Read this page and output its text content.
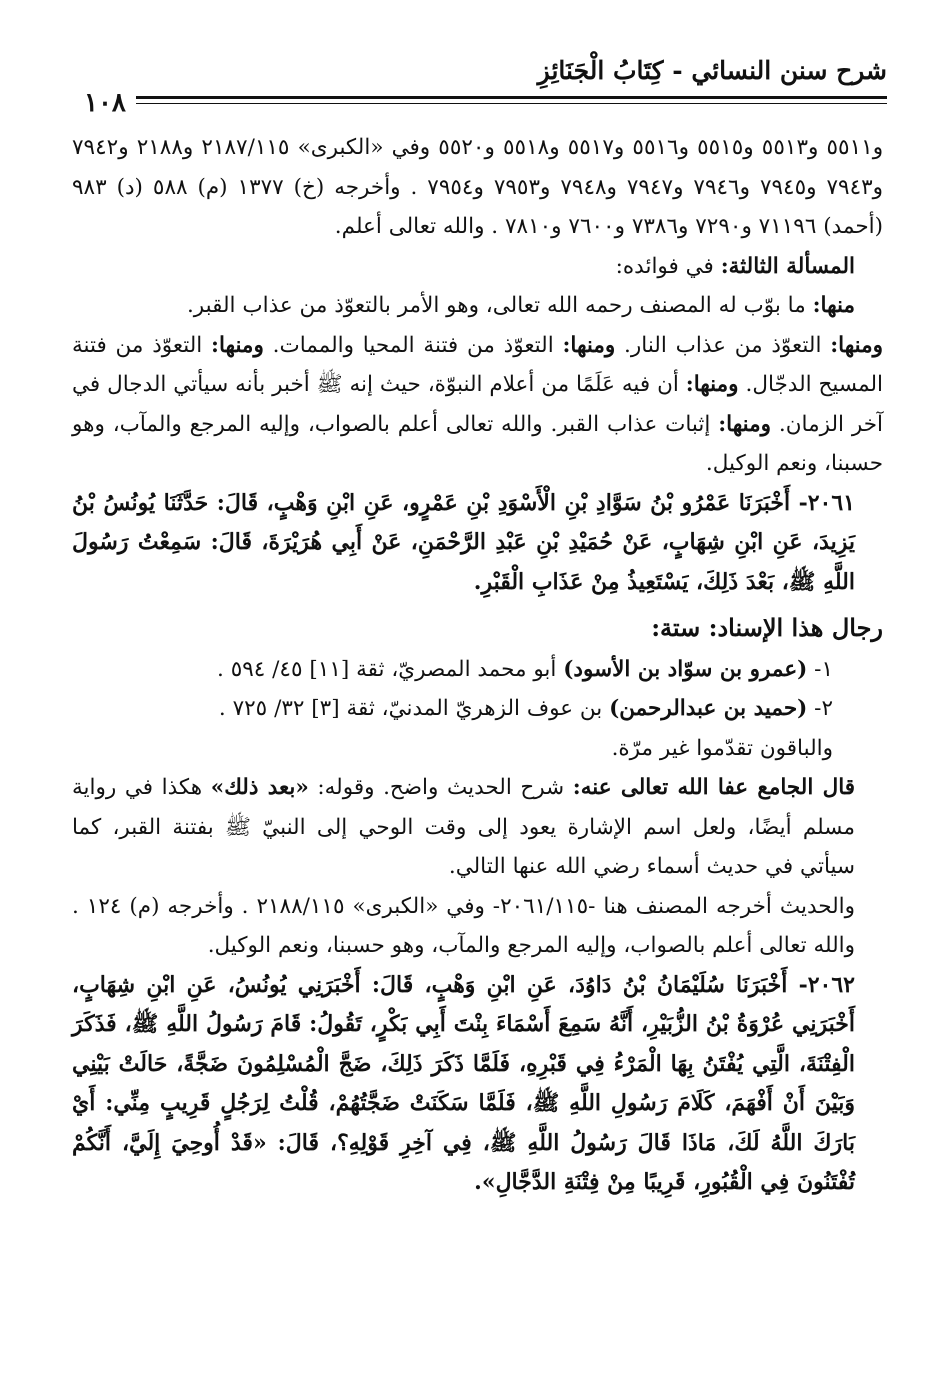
شرح سنن النسائي - كِتَابُ الْجَنَائِزِ
١٠٨

و٥٥١١ و٥٥١٣ و٥٥١٥ و٥٥١٦ و٥٥١٧ و٥٥١٨ و٥٥٢٠ وفي «الكبرى» ٢١٨٧/١١٥ و٢١٨٨ و٧٩٤٢ و٧٩٤٣ و٧٩٤٥ و٧٩٤٦ و٧٩٤٧ و٧٩٤٨ و٧٩٥٣ و٧٩٥٤ . وأخرجه (خ) ١٣٧٧ (م) ٥٨٨ (د) ٩٨٣ (أحمد) ٧١١٩٦ و٧٢٩٠ و٧٣٨٦ و٧٦٠٠ و٧٨١٠ . والله تعالى أعلم.

المسألة الثالثة: في فوائده:

منها: ما بوّب له المصنف رحمه الله تعالى، وهو الأمر بالتعوّذ من عذاب القبر.

ومنها: التعوّذ من عذاب النار. ومنها: التعوّذ من فتنة المحيا والممات. ومنها: التعوّذ من فتنة المسيح الدجّال. ومنها: أن فيه عَلَمًا من أعلام النبوّة، حيث إنه ﷺ أخبر بأنه سيأتي الدجال في آخر الزمان. ومنها: إثبات عذاب القبر. والله تعالى أعلم بالصواب، وإليه المرجع والمآب، وهو حسبنا، ونعم الوكيل.

٢٠٦١- أَخْبَرَنَا عَمْرُو بْنُ سَوَّادِ بْنِ الْأَسْوَدِ بْنِ عَمْرٍو، عَنِ ابْنِ وَهْبٍ، قَالَ: حَدَّثَنَا يُونُسُ بْنُ يَزِيدَ، عَنِ ابْنِ شِهَابٍ، عَنْ حُمَيْدِ بْنِ عَبْدِ الرَّحْمَنِ، عَنْ أَبِي هُرَيْرَةَ، قَالَ: سَمِعْتُ رَسُولَ اللَّهِ ﷺ، بَعْدَ ذَلِكَ، يَسْتَعِيذُ مِنْ عَذَابِ الْقَبْرِ.

رجال هذا الإسناد: ستة:

١- (عمرو بن سوّاد بن الأسود) أبو محمد المصريّ، ثقة [١١] ٤٥/ ٥٩٤ .

٢- (حميد بن عبدالرحمن) بن عوف الزهريّ المدنيّ، ثقة [٣] ٣٢/ ٧٢٥ .

والباقون تقدّموا غير مرّة.

قال الجامع عفا الله تعالى عنه: شرح الحديث واضح. وقوله: «بعد ذلك» هكذا في رواية مسلم أيضًا، ولعل اسم الإشارة يعود إلى وقت الوحي إلى النبيّ ﷺ بفتنة القبر، كما سيأتي في حديث أسماء رضي الله عنها التالي.

والحديث أخرجه المصنف هنا -٢٠٦١/١١٥- وفي «الكبرى» ٢١٨٨/١١٥ . وأخرجه (م) ١٢٤ . والله تعالى أعلم بالصواب، وإليه المرجع والمآب، وهو حسبنا، ونعم الوكيل.

٢٠٦٢- أَخْبَرَنَا سُلَيْمَانُ بْنُ دَاوُدَ، عَنِ ابْنِ وَهْبٍ، قَالَ: أَخْبَرَنِي يُونُسُ، عَنِ ابْنِ شِهَابٍ، أَخْبَرَنِي عُرْوَةُ بْنُ الزُّبَيْرِ، أَنَّهُ سَمِعَ أَسْمَاءَ بِنْتَ أَبِي بَكْرٍ، تَقُولُ: قَامَ رَسُولُ اللَّهِ ﷺ، فَذَكَرَ الْفِتْنَةَ، الَّتِي يُفْتَنُ بِهَا الْمَرْءُ فِي قَبْرِهِ، فَلَمَّا ذَكَرَ ذَلِكَ، ضَجَّ الْمُسْلِمُونَ ضَجَّةً، حَالَتْ بَيْنِي وَبَيْنَ أَنْ أَفْهَمَ، كَلَامَ رَسُولِ اللَّهِ ﷺ، فَلَمَّا سَكَنَتْ ضَجَّتُهُمْ، قُلْتُ لِرَجُلٍ قَرِيبٍ مِنِّي: أَيْ بَارَكَ اللَّهُ لَكَ، مَاذَا قَالَ رَسُولُ اللَّهِ ﷺ، فِي آخِرِ قَوْلِهِ؟، قَالَ: «قَدْ أُوحِيَ إِلَيَّ، أَنَّكُمْ تُفْتَنُونَ فِي الْقُبُورِ، قَرِيبًا مِنْ فِتْنَةِ الدَّجَّالِ».
